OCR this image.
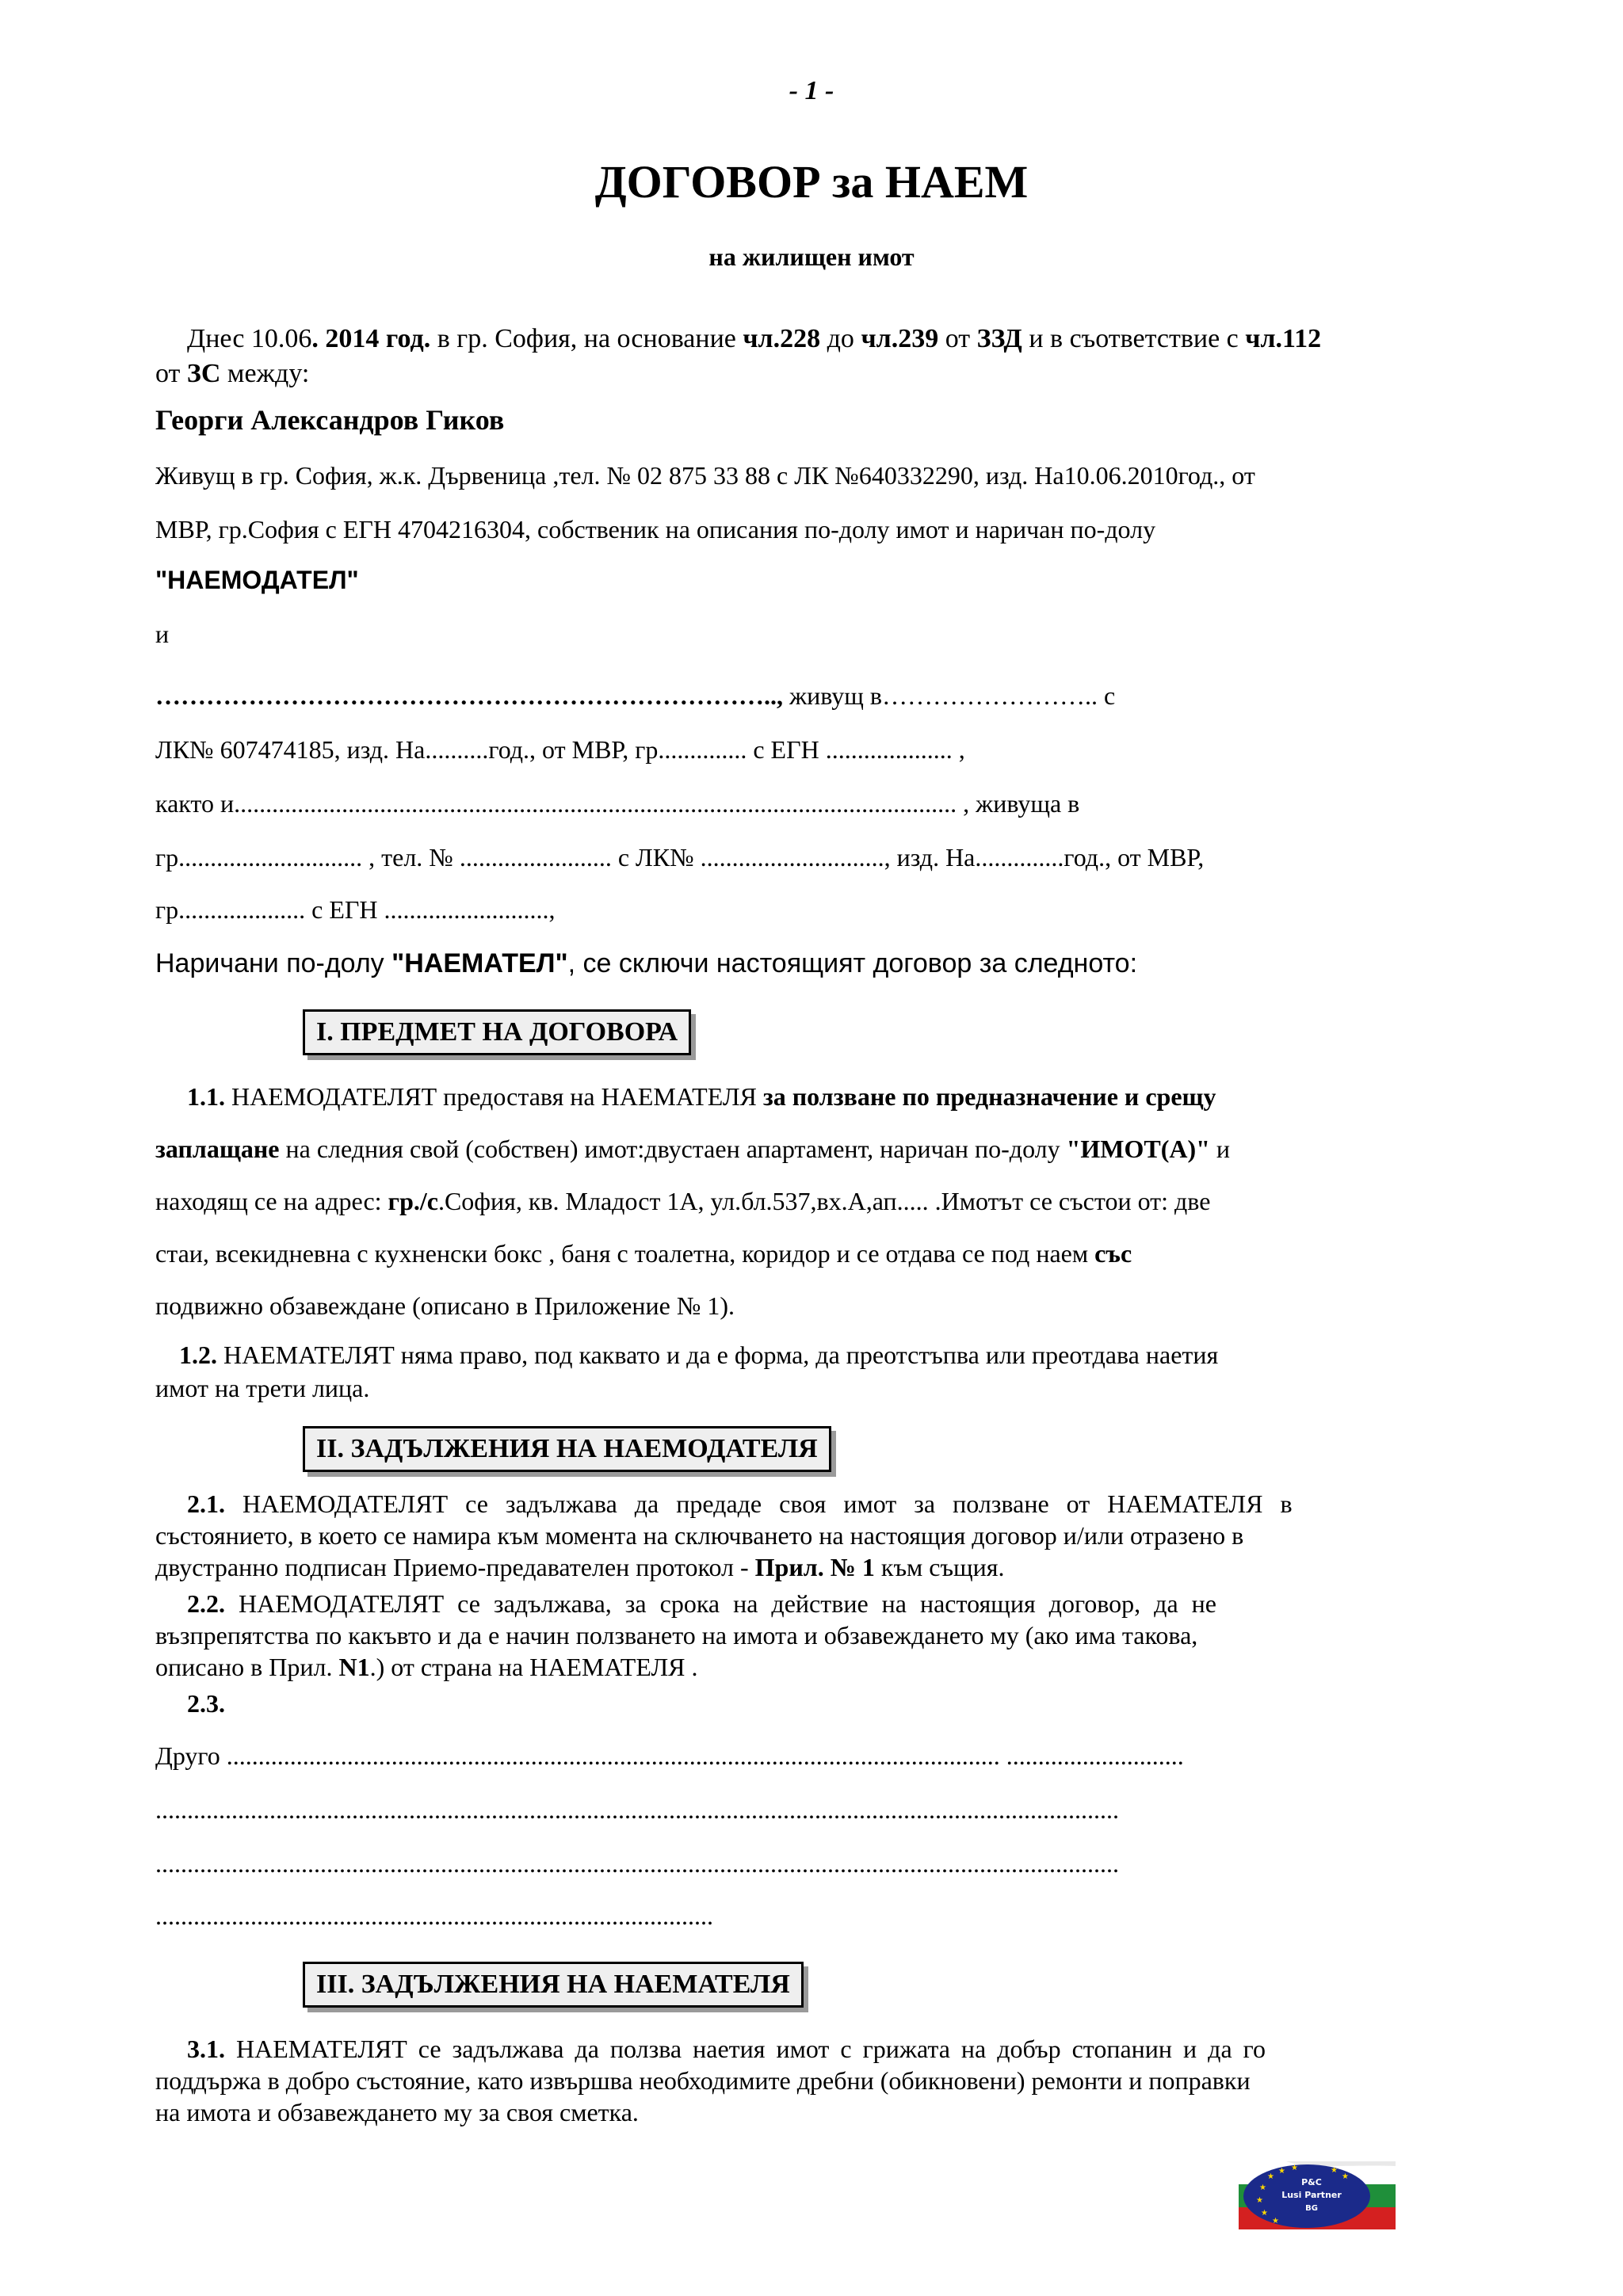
- 1 -
ДОГОВОР за НАЕМ
на жилищен имот
Днес 10.06. 2014 год. в гр. София, на основание чл.228 до чл.239 от ЗЗД и в съответствие с чл.112
от ЗС между:
Георги Александров Гиков
Живущ в гр. София, ж.к. Дървеница ,тел. № 02 875 33 88 с ЛК №640332290, изд. На10.06.2010год., от
МВР, гр.София с ЕГН 4704216304, собственик на описания по-долу имот и наричан по-долу
"НАЕМОДАТЕЛ"
и
……………………………………………………………….., живущ в…………………….. с
ЛК№ 607474185, изд. На..........год., от МВР, гр.............. с ЕГН .................... ,
както и.................................................................................................................. , живуща в
гр............................. , тел. № ........................ с ЛК№ ............................., изд. На..............год., от МВР,
гр.................... с ЕГН ..........................,
Наричани по-долу "НАЕМАТЕЛ", се сключи настоящият договор за следното:
I. ПРЕДМЕТ НА ДОГОВОРА
1.1. НАЕМОДАТЕЛЯТ предоставя на НАЕМАТЕЛЯ за ползване по предназначение и срещу
заплащане на следния свой (собствен) имот:двустаен апартамент, наричан по-долу "ИМОТ(А)" и
находящ се на адрес: гр./с.София, кв. Младост 1А, ул.бл.537,вх.А,ап..... .Имотът се състои от: две
стаи, всекидневна с кухненски бокс , баня с тоалетна, коридор и се отдава се под наем със
подвижно обзавеждане (описано в Приложение № 1).
1.2. НАЕМАТЕЛЯТ няма право, под каквато и да е форма, да преотстъпва или преотдава наетия
имот на трети лица.
II. ЗАДЪЛЖЕНИЯ НА НАЕМОДАТЕЛЯ
2.1. НАЕМОДАТЕЛЯТ се задължава да предаде своя имот за ползване от НАЕМАТЕЛЯ в
състоянието, в което се намира към момента на сключването на настоящия договор и/или отразено в
двустранно подписан Приемо-предавателен протокол - Прил. № 1 към същия.
2.2. НАЕМОДАТЕЛЯТ се задължава, за срока на действие на настоящия договор, да не
възпрепятства по какъвто и да е начин ползването на имота и обзавеждането му (ако има такова,
описано в Прил. N1.) от страна на НАЕМАТЕЛЯ .
2.3.
Друго .......................................................................................................................... ............................
........................................................................................................................................................
........................................................................................................................................................
........................................................................................
III. ЗАДЪЛЖЕНИЯ НА НАЕМАТЕЛЯ
3.1. НАЕМАТЕЛЯТ се задължава да ползва наетия имот с грижата на добър стопанин и да го
поддържа в добро състояние, като извършва необходимите дребни (обикновени) ремонти и поправки
на имота и обзавеждането му за своя сметка.
★
★ ★
★
★
★
★
★
★
P&C
Lusi Partner
BG
